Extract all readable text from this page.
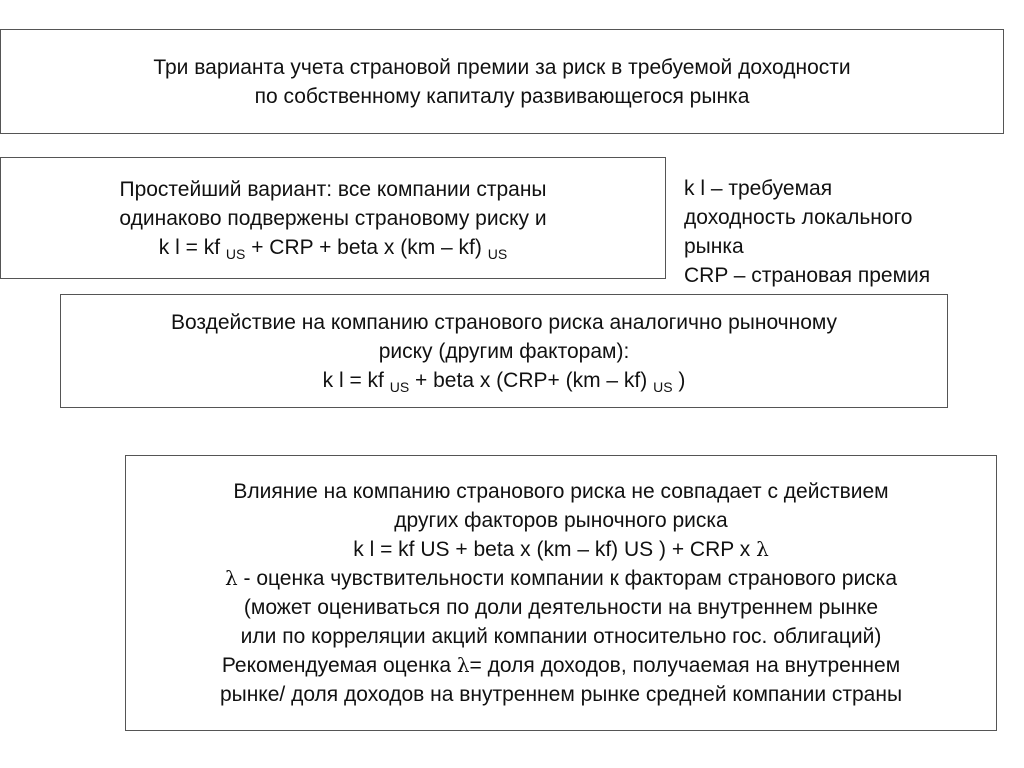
Три варианта учета страновой премии за риск в требуемой доходности
по собственному капиталу развивающегося рынка
Простейший вариант: все компании страны
одинаково подвержены страновому риску и
k l = kf $_{US}$ + CRP + beta x (km – kf) $_{US}$
k l – требуемая
доходность локального
рынка
CRP – страновая премия
Воздействие на компанию странового риска аналогично рыночному
риску (другим факторам):
k l = kf $_{US}$ + beta x (CRP+ (km – kf) $_{US}$ )
Влияние на компанию странового риска не совпадает с действием
других факторов рыночного риска
k l = kf US + beta x (km – kf) US ) + CRP x λ
λ - оценка чувствительности компании к факторам странового риска
(может оцениваться по доли деятельности на внутреннем рынке
или по корреляции акций компании относительно гос. облигаций)
Рекомендуемая оценка λ= доля доходов, получаемая на внутреннем
рынке/ доля доходов на внутреннем рынке средней компании страны
